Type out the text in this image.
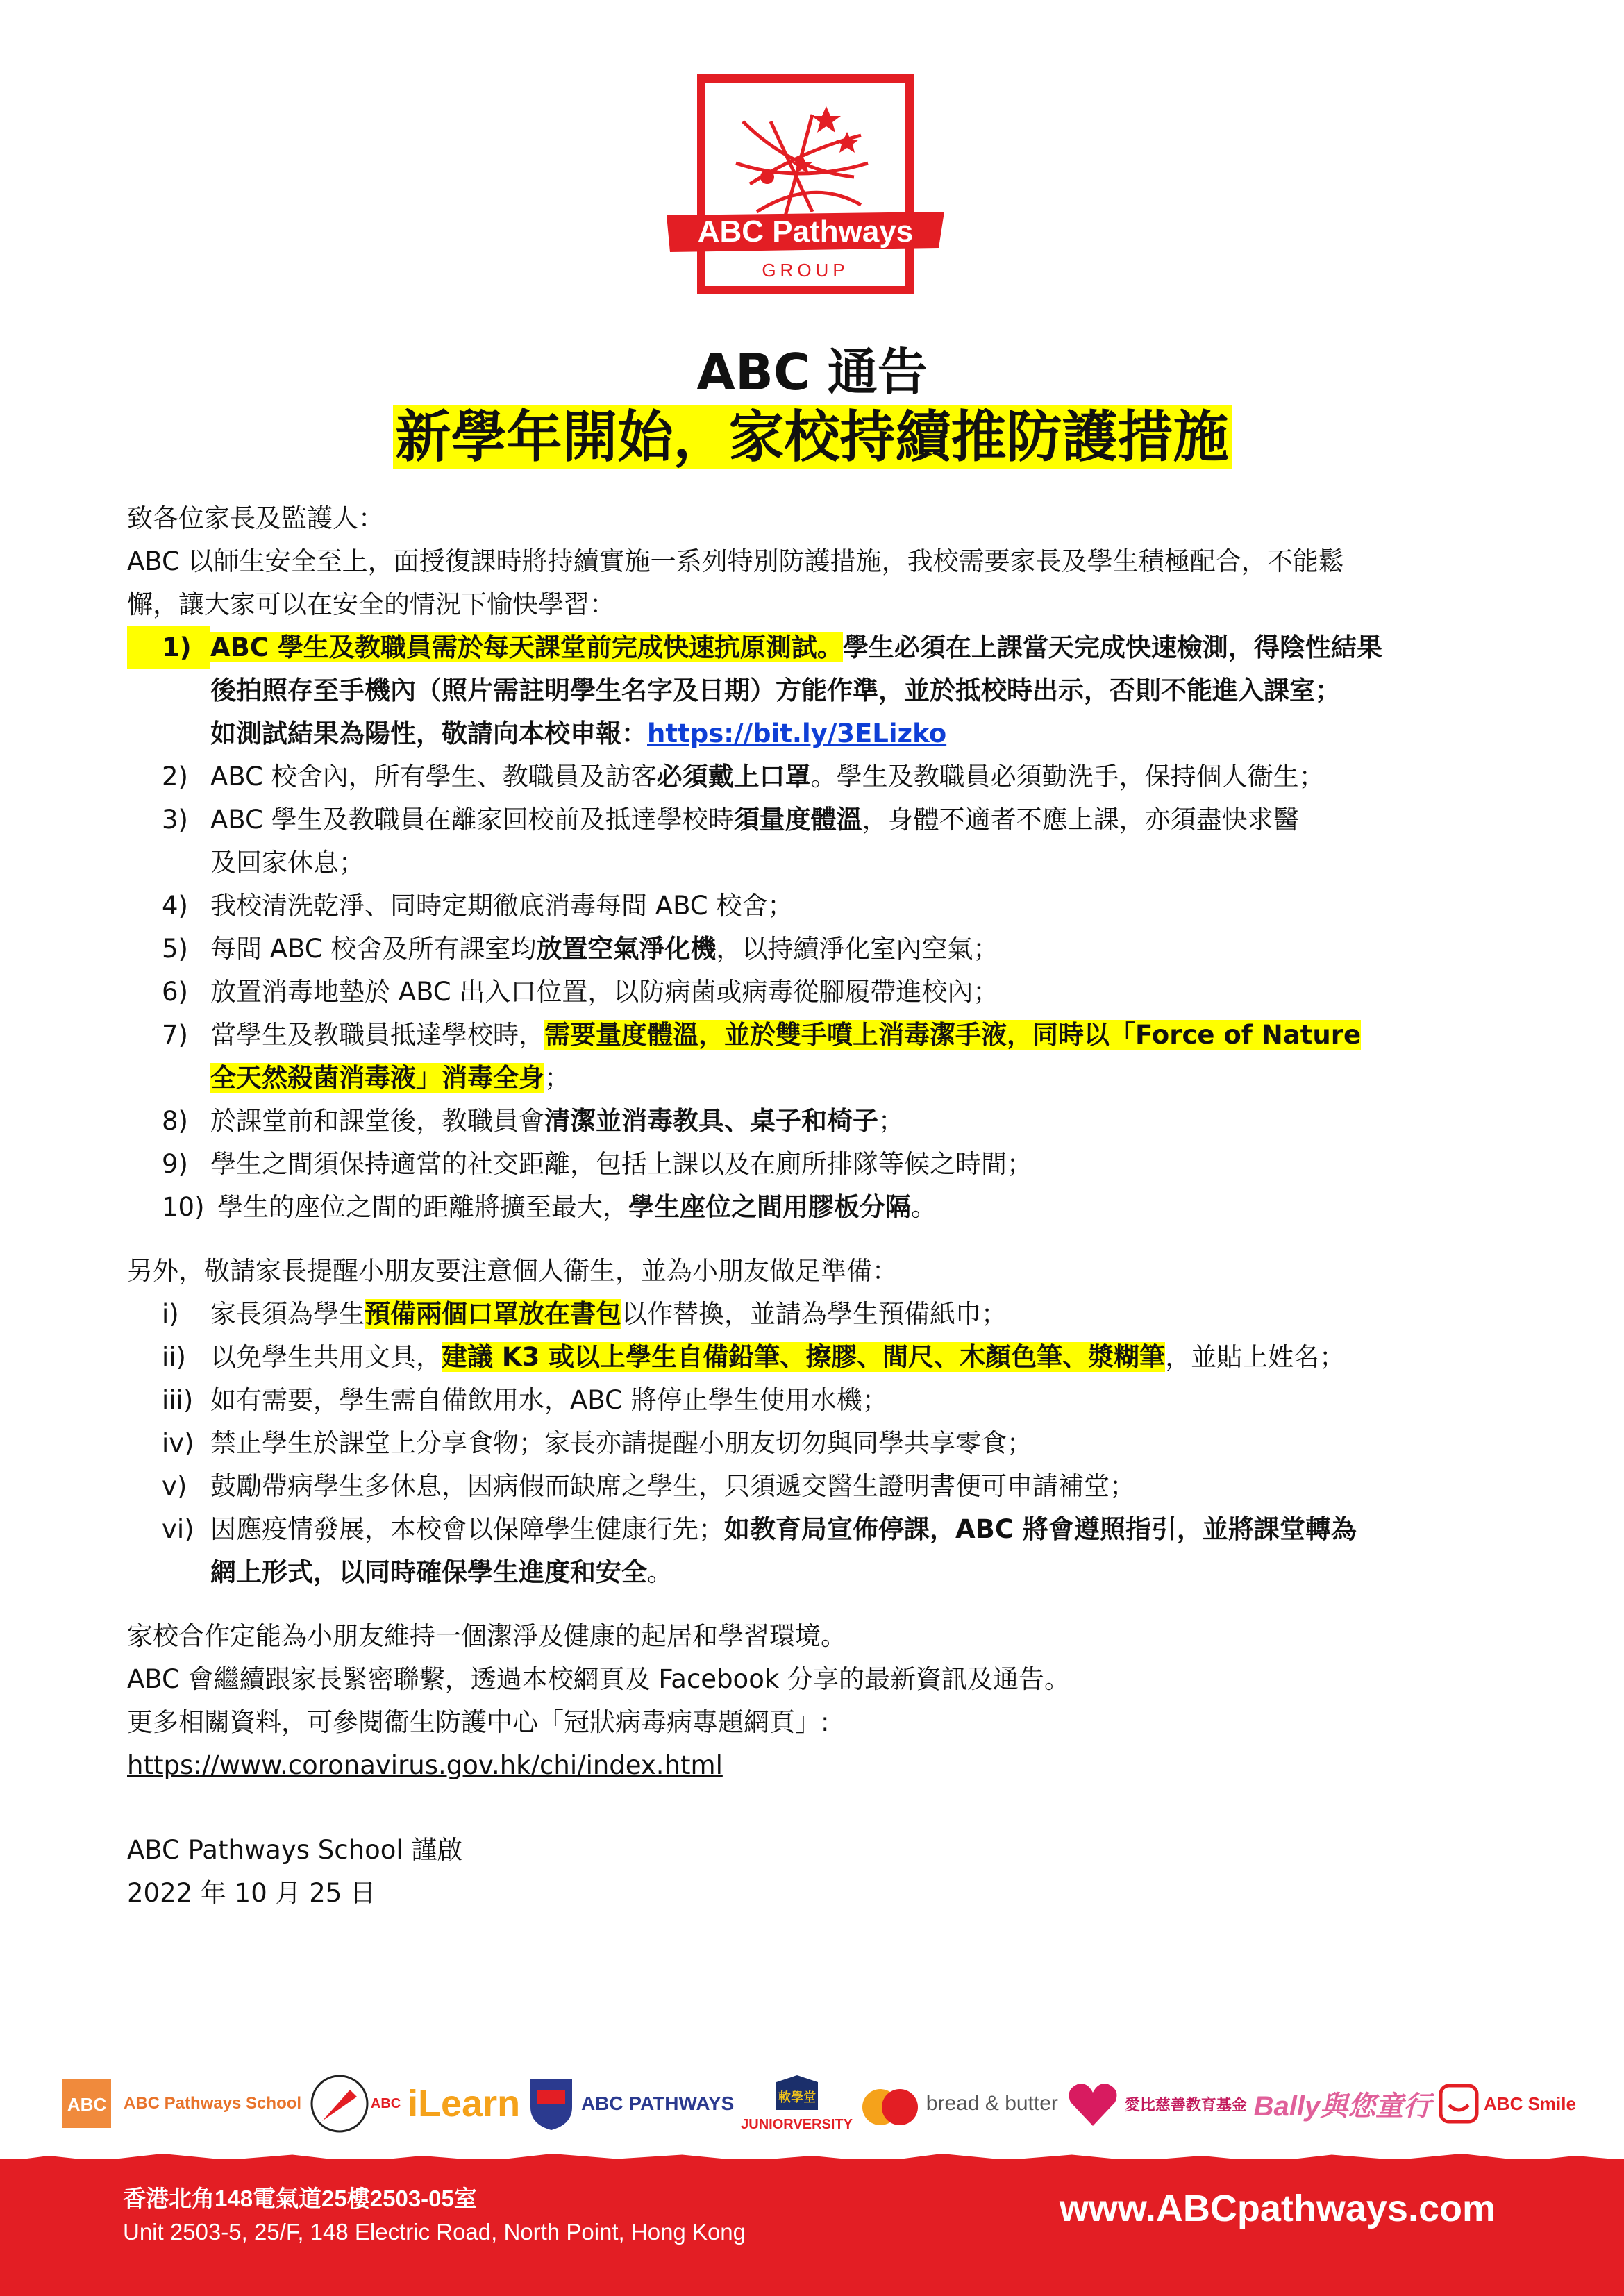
ABC Pathways
GROUP
ABC 通告
新學年開始，家校持續推防護措施

致各位家長及監護人：

ABC 以師生安全至上，面授復課時將持續實施一系列特別防護措施，我校需要家長及學生積極配合，不能鬆

懈，讓大家可以在安全的情況下愉快學習：

1) ABC 學生及教職員需於每天課堂前完成快速抗原測試。學生必須在上課當天完成快速檢測，得陰性結果
後拍照存至手機內（照片需註明學生名字及日期）方能作準，並於抵校時出示，否則不能進入課室；
如測試結果為陽性，敬請向本校申報：https://bit.ly/3ELizko
2) ABC 校舍內，所有學生、教職員及訪客必須戴上口罩。學生及教職員必須勤洗手，保持個人衞生；
3) ABC 學生及教職員在離家回校前及抵達學校時須量度體溫，身體不適者不應上課，亦須盡快求醫
及回家休息；
4) 我校清洗乾淨、同時定期徹底消毒每間 ABC 校舍；
5) 每間 ABC 校舍及所有課室均放置空氣淨化機，以持續淨化室內空氣；
6) 放置消毒地墊於 ABC 出入口位置，以防病菌或病毒從腳履帶進校內；
7) 當學生及教職員抵達學校時，需要量度體溫，並於雙手噴上消毒潔手液，同時以「Force of Nature
全天然殺菌消毒液」消毒全身；
8) 於課堂前和課堂後，教職員會清潔並消毒教具、桌子和椅子；
9) 學生之間須保持適當的社交距離，包括上課以及在廁所排隊等候之時間；
10) 學生的座位之間的距離將擴至最大，學生座位之間用膠板分隔。

另外，敬請家長提醒小朋友要注意個人衞生，並為小朋友做足準備：

i)	家長須為學生預備兩個口罩放在書包以作替換，並請為學生預備紙巾；
ii) 以免學生共用文具，建議 K3 或以上學生自備鉛筆、擦膠、間尺、木顏色筆、漿糊筆，並貼上姓名；
iii) 如有需要，學生需自備飲用水，ABC 將停止學生使用水機；
iv) 禁止學生於課堂上分享食物；家長亦請提醒小朋友切勿與同學共享零食；
v) 鼓勵帶病學生多休息，因病假而缺席之學生，只須遞交醫生證明書便可申請補堂；
vi) 因應疫情發展，本校會以保障學生健康行先；如教育局宣佈停課，ABC 將會遵照指引，並將課堂轉為
網上形式，以同時確保學生進度和安全。

家校合作定能為小朋友維持一個潔淨及健康的起居和學習環境。

ABC 會繼續跟家長緊密聯繫，透過本校網頁及 Facebook 分享的最新資訊及通告。

更多相關資料，可參閱衞生防護中心「冠狀病毒病專題網頁」:

https://www.coronavirus.gov.hk/chi/index.html

ABC Pathways School 謹啟

2022 年 10 月 25 日

ABC ABC Pathways School	ABC iLearn	ABC PATHWAYS	軟學堂
JUNIORVERSITY
bread & butter	愛比慈善教育基金 Bally與您童行	ABC Smile
香港北角148電氣道25樓2503-05室
Unit 2503-5, 25/F, 148 Electric Road, North Point, Hong Kong
www.ABCpathways.com
